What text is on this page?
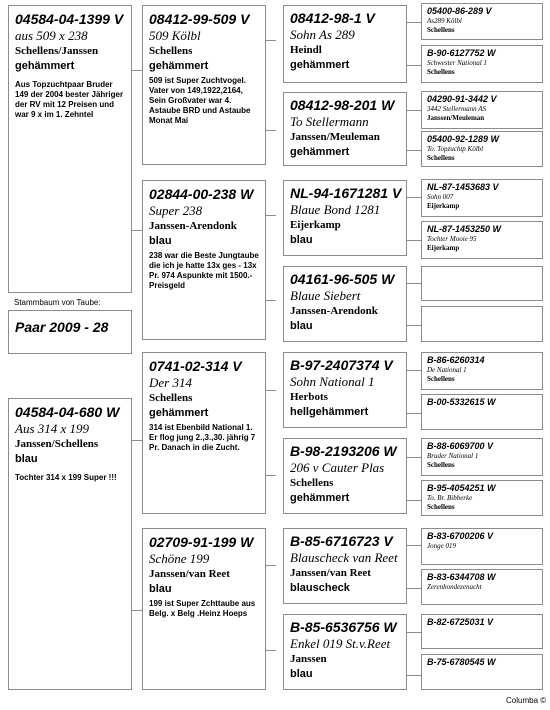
04584-04-1399 V
aus 509 x 238
Schellens/Janssen
gehämmert
Aus Topzuchtpaar Bruder 149 der 2004 bester Jähriger der RV mit 12 Preisen und war 9 x im 1. Zehntel
Stammbaum von Taube:
Paar 2009 - 28
04584-04-680 W
Aus 314 x 199
Janssen/Schellens
blau
Tochter 314 x 199 Super !!!
08412-99-509 V
509 Kölbl
Schellens
gehämmert
509 ist Super Zuchtvogel. Vater von 149,1922,2164, Sein Großvater war 4. Astaube BRD und Astaube Monat Mai
02844-00-238 W
Super 238
Janssen-Arendonk
blau
238 war die Beste Jungtaube die ich je hatte 13x ges - 13x Pr. 974 Aspunkte mit 1500.- Preisgeld
0741-02-314 V
Der 314
Schellens
gehämmert
314 ist Ebenbild National 1. Er flog jung 2.,3.,30. jährig 7 Pr. Danach in die Zucht.
02709-91-199 W
Schöne 199
Janssen/van Reet
blau
199 ist Super Zchttaube aus Belg. x Belg .Heinz Hoeps
08412-98-1 V
Sohn As 289
Heindl
gehämmert
08412-98-201 W
To Stellermann
Janssen/Meuleman
gehämmert
NL-94-1671281 V
Blaue Bond 1281
Eijerkamp
blau
04161-96-505 W
Blaue Siebert
Janssen-Arendonk
blau
B-97-2407374 V
Sohn National 1
Herbots
hellgehämmert
B-98-2193206 W
206 v Cauter Plas
Schellens
gehämmert
B-85-6716723 V
Blauscheck van Reet
Janssen/van Reet
blauscheck
B-85-6536756 W
Enkel 019 St.v.Reet
Janssen
blau
05400-86-289 V
As289 Kölbl
Schellens
B-90-6127752 W
Schwester National 1
Schellens
04290-91-3442 V
3442 Stellermann AS
Janssen/Meuleman
05400-92-1289 W
To. Topzuchtp Kölbl
Schellens
NL-87-1453683 V
Sohn 007
Eijerkamp
NL-87-1453250 W
Tochter Mooie 95
Eijerkamp
B-86-6260314
De National 1
Schellens
B-00-5332615 W
B-88-6069700 V
Bruder National 1
Schellens
B-95-4054251 W
To. Br. Bibberke
Schellens
B-83-6700206 V
Jonge 019
B-83-6344708 W
Zerenhondezenacht
B-82-6725031 V
B-75-6780545 W
Columba ©
